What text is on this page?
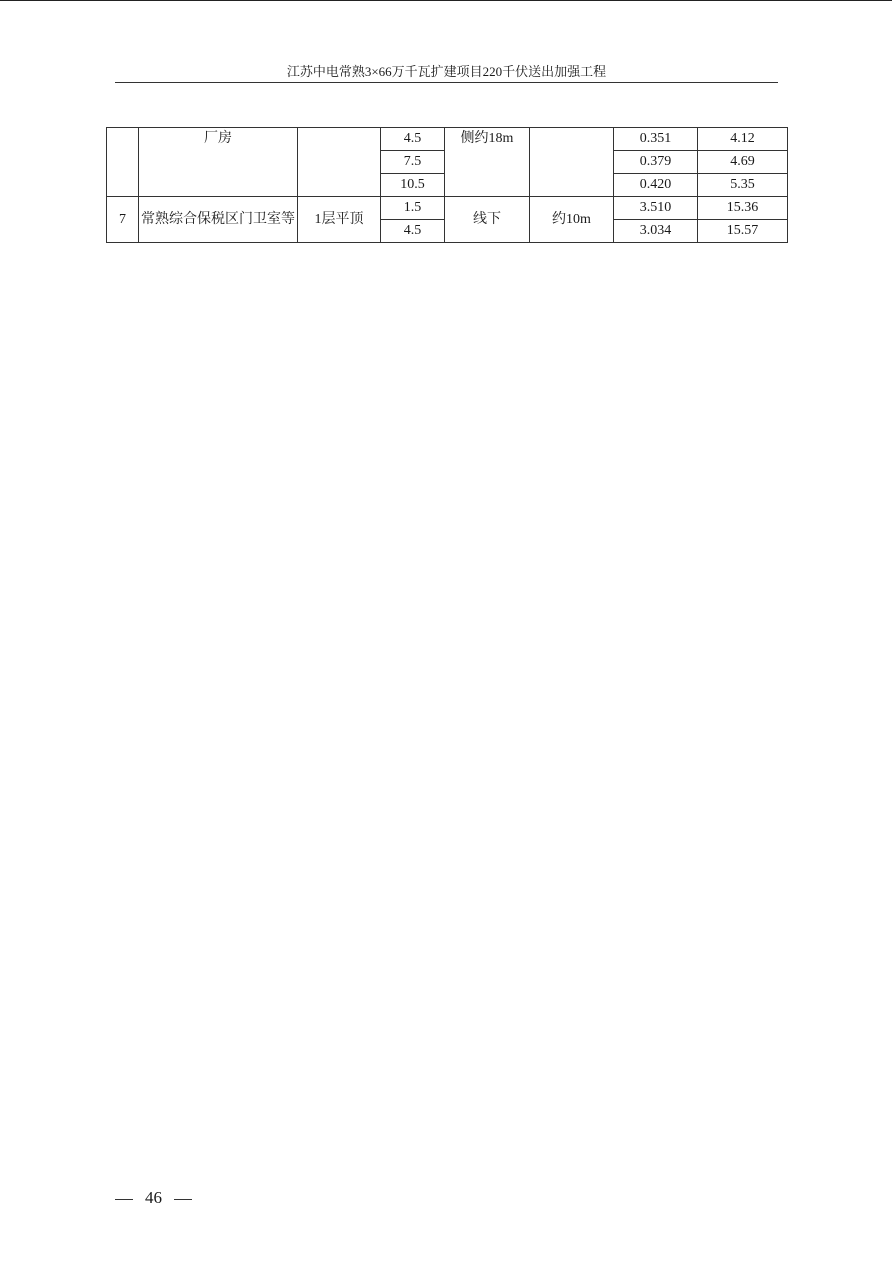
江苏中电常熟3×66万千瓦扩建项目220千伏送出加强工程
	厂房		4.5	侧约18m		0.351	4.12
			7.5			0.379	4.69
			10.5			0.420	5.35
7	常熟综合保税区门卫室等	1层平顶	1.5	线下	约10m	3.510	15.36
			4.5			3.034	15.57
46
